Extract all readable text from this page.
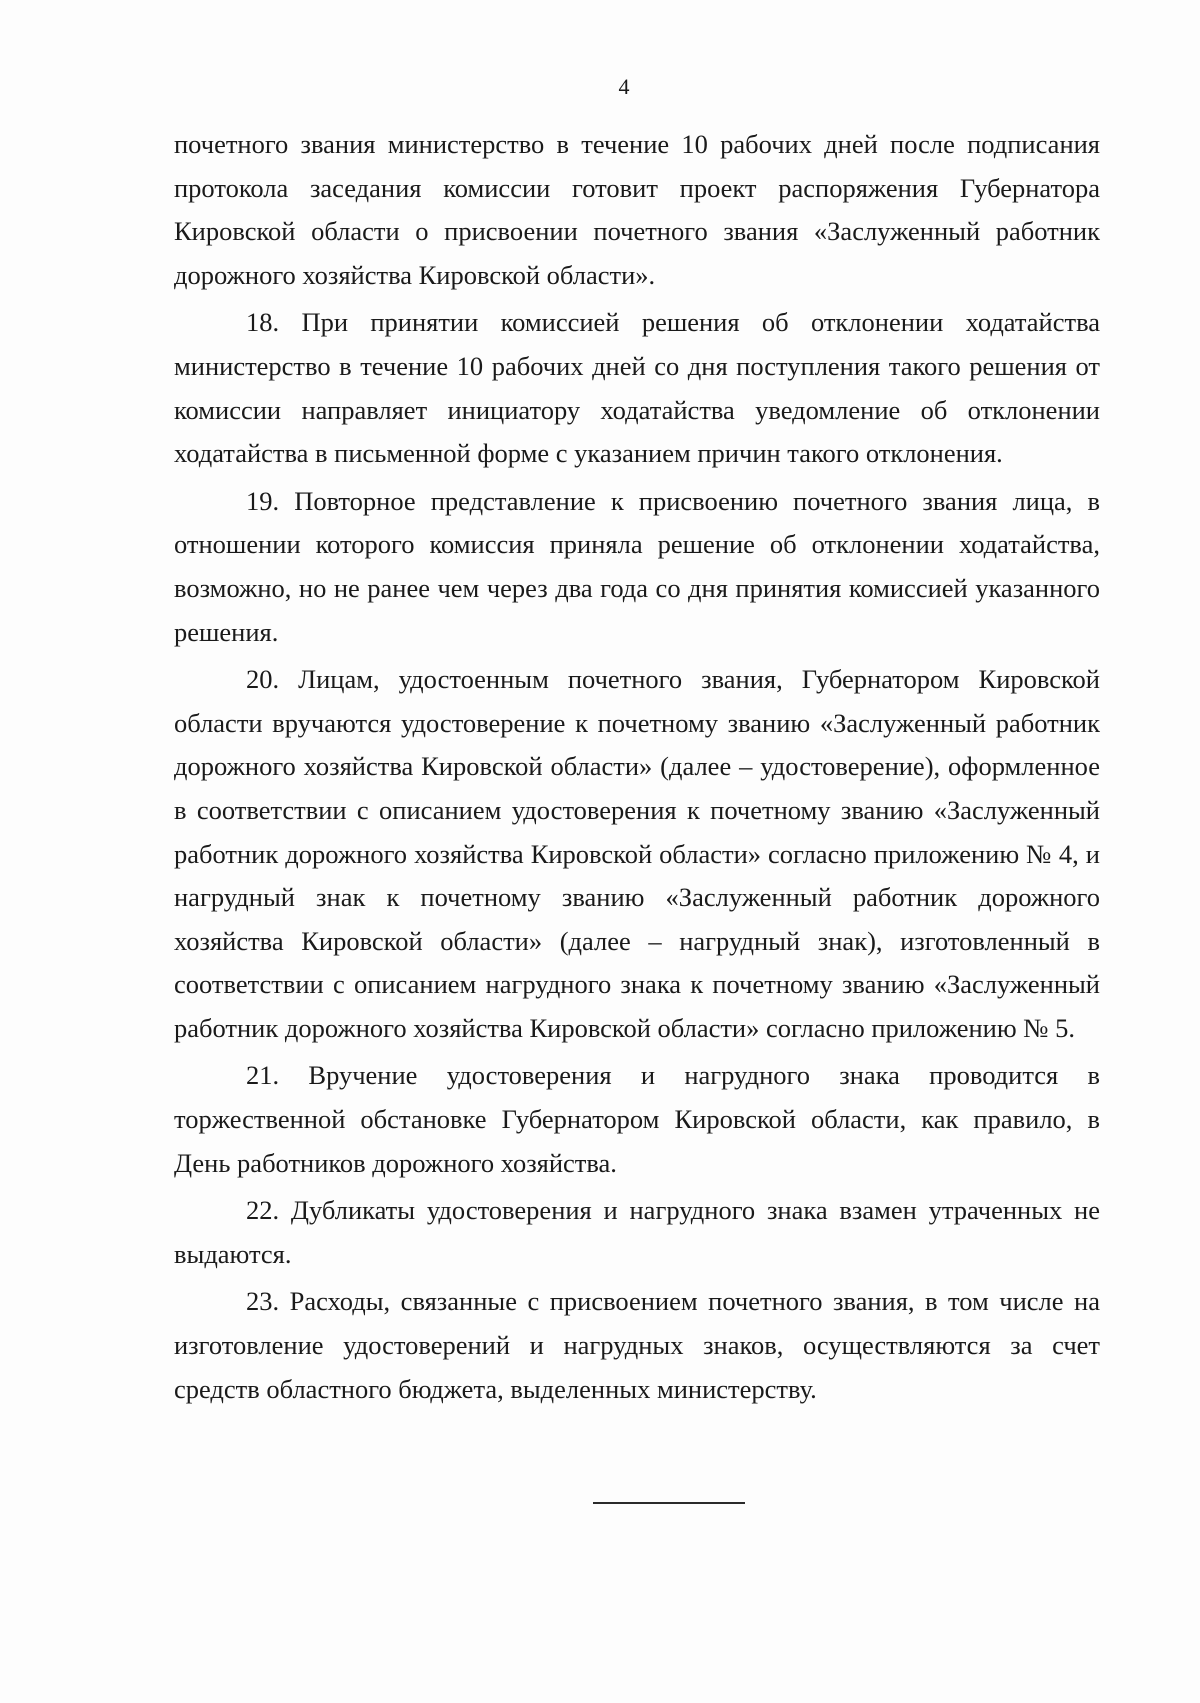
4

почетного звания министерство в течение 10 рабочих дней после подписания протокола заседания комиссии готовит проект распоряжения Губернатора Кировской области о присвоении почетного звания «Заслуженный работник дорожного хозяйства Кировской области».

18. При принятии комиссией решения об отклонении ходатайства министерство в течение 10 рабочих дней со дня поступления такого решения от комиссии направляет инициатору ходатайства уведомление об отклонении ходатайства в письменной форме с указанием причин такого отклонения.

19. Повторное представление к присвоению почетного звания лица, в отношении которого комиссия приняла решение об отклонении ходатайства, возможно, но не ранее чем через два года со дня принятия комиссией указанного решения.

20. Лицам, удостоенным почетного звания, Губернатором Кировской области вручаются удостоверение к почетному званию «Заслуженный работник дорожного хозяйства Кировской области» (далее – удостоверение), оформленное в соответствии с описанием удостоверения к почетному званию «Заслуженный работник дорожного хозяйства Кировской области» согласно приложению № 4, и нагрудный знак к почетному званию «Заслуженный работник дорожного хозяйства Кировской области» (далее – нагрудный знак), изготовленный в соответствии с описанием нагрудного знака к почетному званию «Заслуженный работник дорожного хозяйства Кировской области» согласно приложению № 5.

21. Вручение удостоверения и нагрудного знака проводится в торжественной обстановке Губернатором Кировской области, как правило, в День работников дорожного хозяйства.

22. Дубликаты удостоверения и нагрудного знака взамен утраченных не выдаются.

23. Расходы, связанные с присвоением почетного звания, в том числе на изготовление удостоверений и нагрудных знаков, осуществляются за счет средств областного бюджета, выделенных министерству.
